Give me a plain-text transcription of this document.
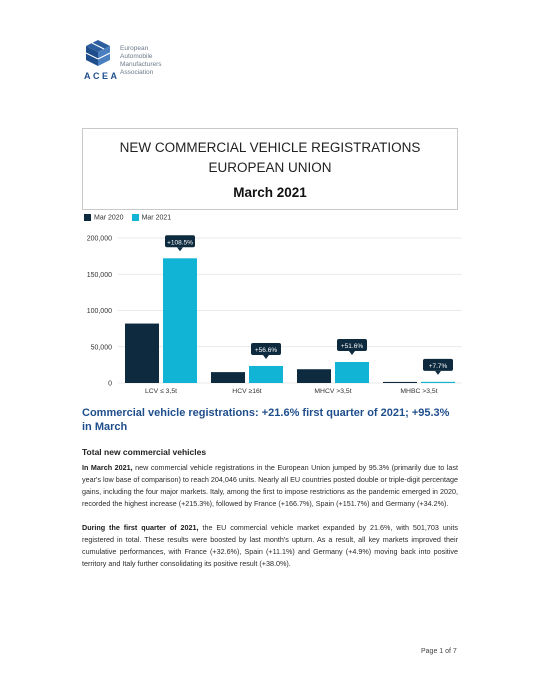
ACEA
European
Automobile
Manufacturers
Association
NEW COMMERCIAL VEHICLE REGISTRATIONS
EUROPEAN UNION
March 2021
Mar 2020	Mar 2021
200,000
150,000
100,000
50,000
0
+108.5%
LCV ≤ 3,5t
+56.6%
HCV ≥16t
+51.6%
MHCV >3,5t
+7.7%
MHBC >3,5t
Commercial vehicle registrations: +21.6% first quarter of 2021; +95.3% in March
Total new commercial vehicles
In March 2021, new commercial vehicle registrations in the European Union jumped by 95.3% (primarily due to last year's low base of comparison) to reach 204,046 units. Nearly all EU countries posted double or triple-digit percentage gains, including the four major markets. Italy, among the first to impose restrictions as the pandemic emerged in 2020, recorded the highest increase (+215.3%), followed by France (+166.7%), Spain (+151.7%) and Germany (+34.2%).
During the first quarter of 2021, the EU commercial vehicle market expanded by 21.6%, with 501,703 units registered in total. These results were boosted by last month's upturn. As a result, all key markets improved their cumulative performances, with France (+32.6%), Spain (+11.1%) and Germany (+4.9%) moving back into positive territory and Italy further consolidating its positive result (+38.0%).
Page 1 of 7
